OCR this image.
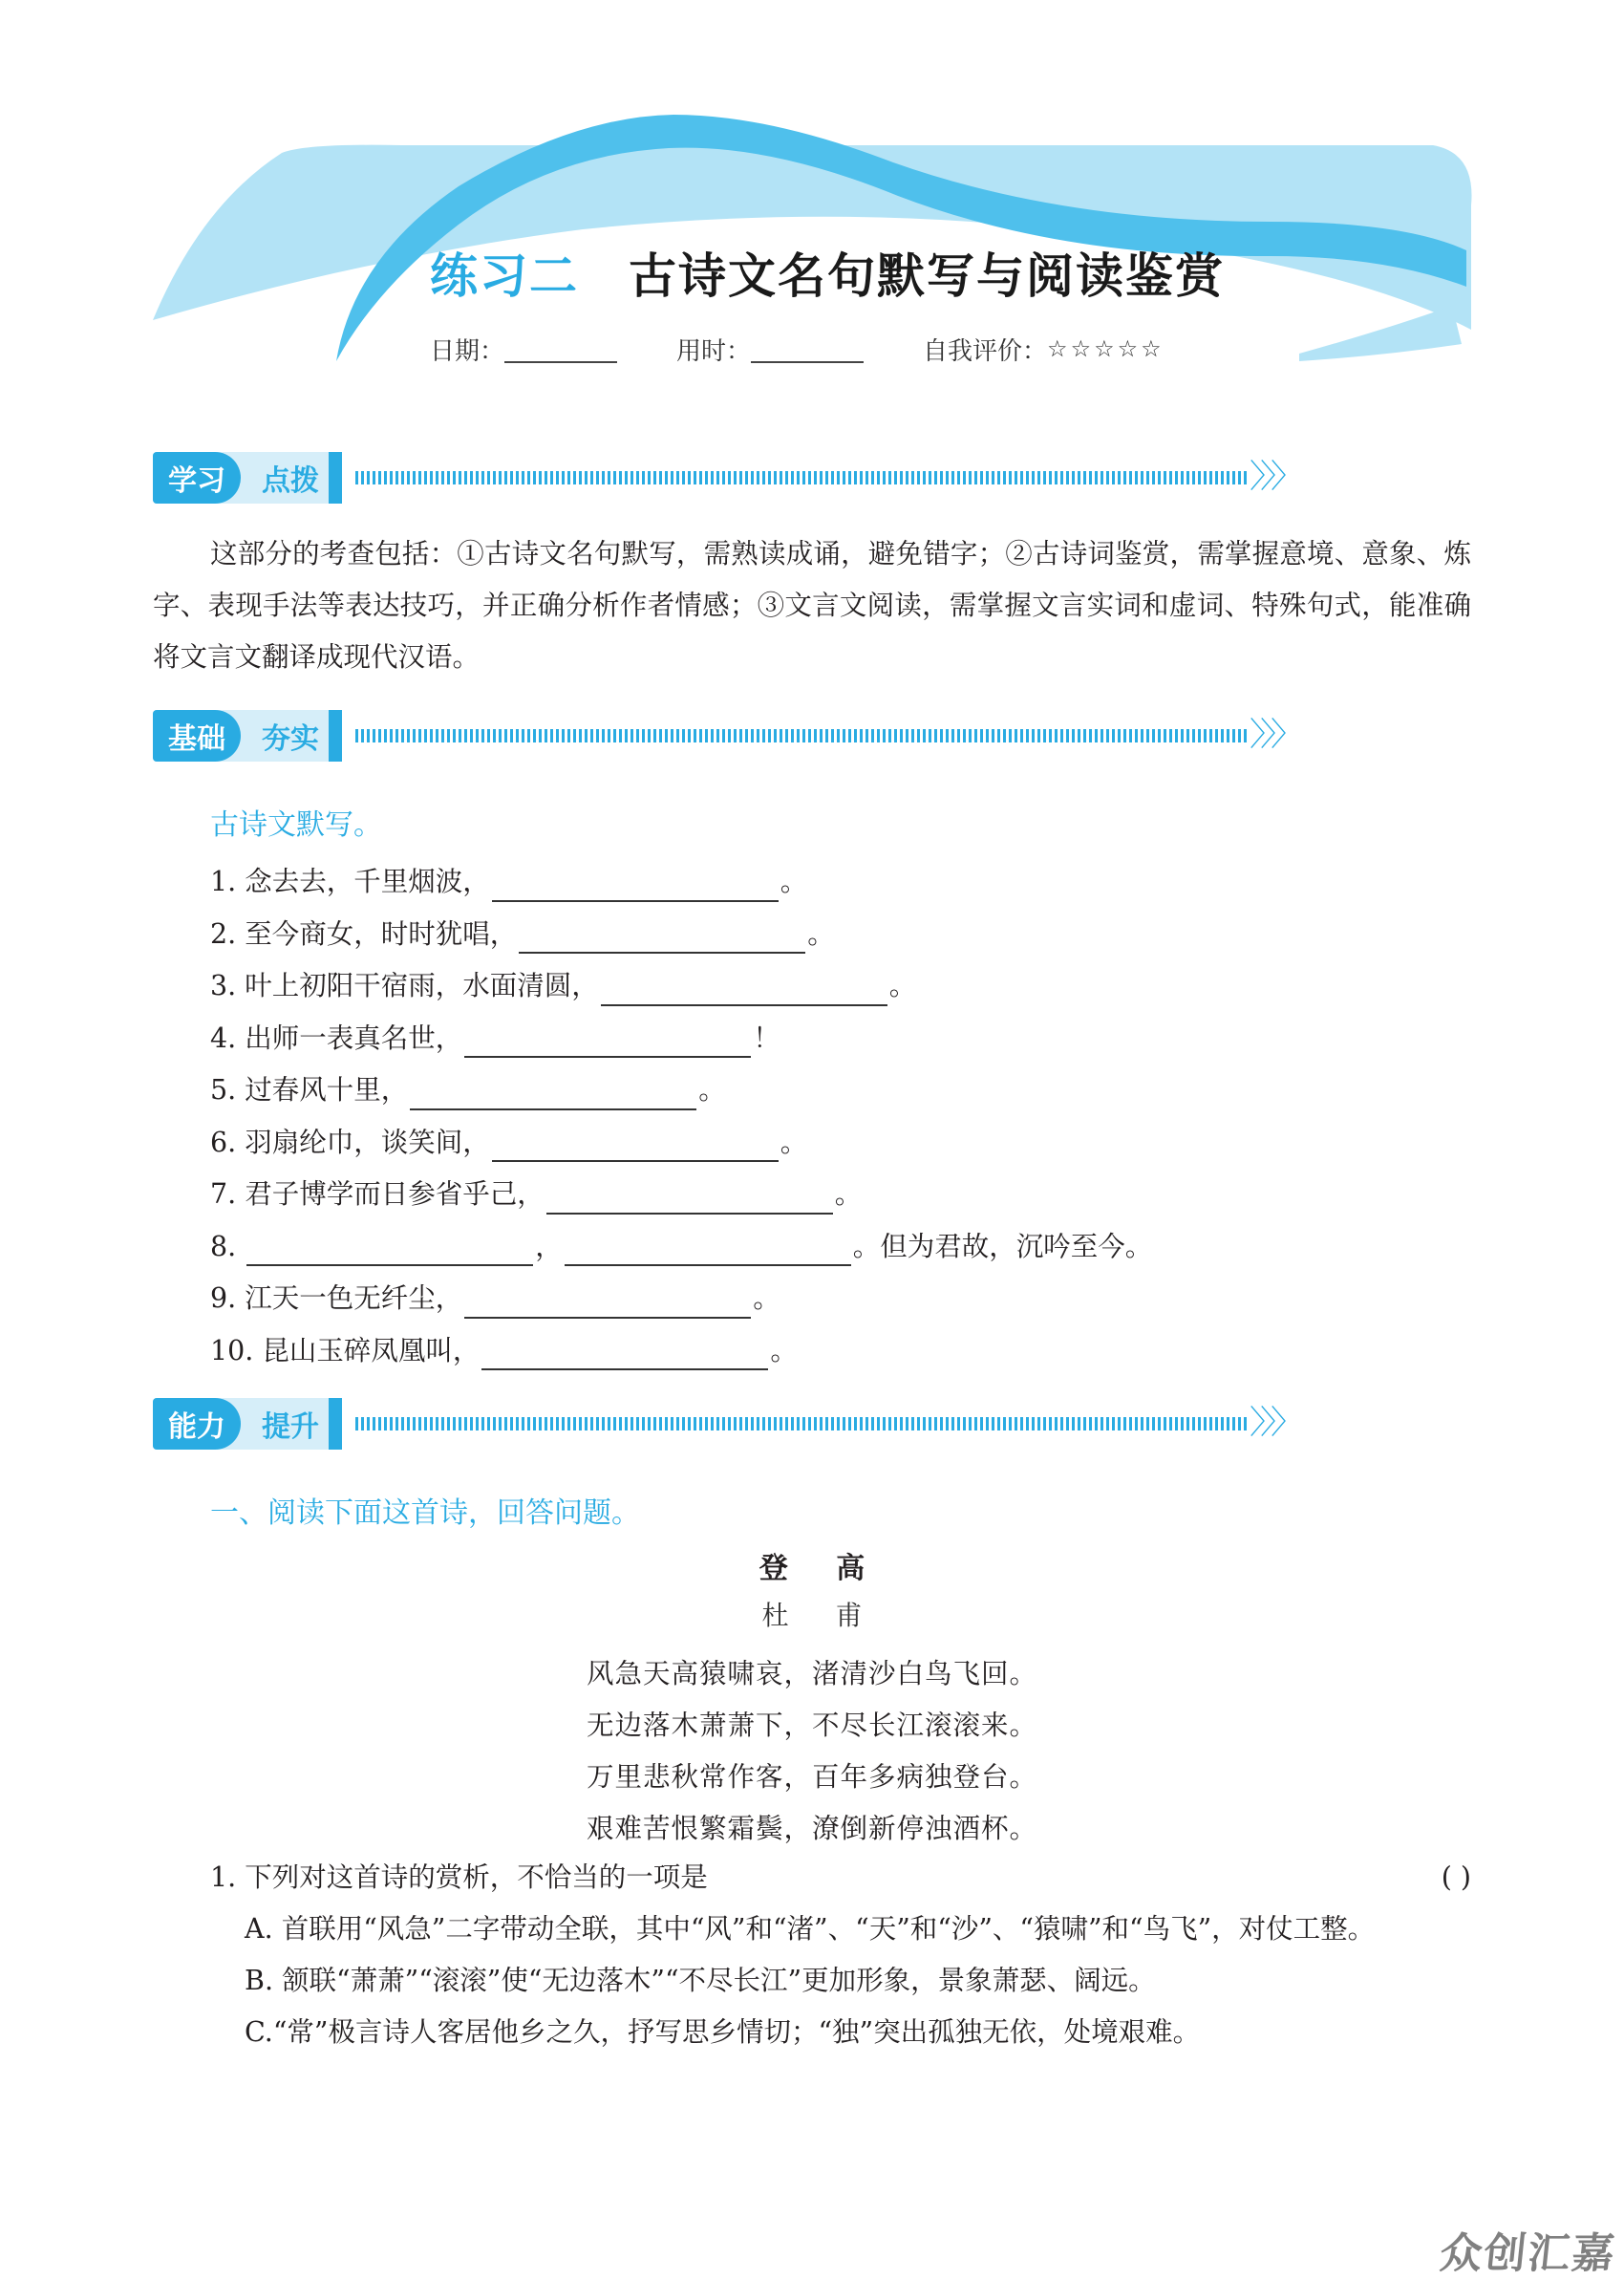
练习二 古诗文名句默写与阅读鉴赏
日期：	用时：	自我评价： ☆☆☆☆☆
学习	点拨	〉〉〉

这部分的考查包括：①古诗文名句默写，需熟读成诵，避免错字；②古诗词鉴赏，需掌握意境、意象、炼字、表现手法等表达技巧，并正确分析作者情感；③文言文阅读，需掌握文言实词和虚词、特殊句式，能准确将文言文翻译成现代汉语。

基础	夯实	〉〉〉
古诗文默写。
1. 念去去，千里烟波，	。
2. 至今商女，时时犹唱，	。
3. 叶上初阳干宿雨，水面清圆，	。
4. 出师一表真名世，	！
5. 过春风十里，	。
6. 羽扇纶巾，谈笑间，	。
7. 君子博学而日参省乎己，	。
8.	，	。但为君故，沉吟至今。
9. 江天一色无纤尘，	。
10. 昆山玉碎凤凰叫，	。
能力	提升	〉〉〉
一、阅读下面这首诗，回答问题。
登 高
杜 甫
风急天高猿啸哀，渚清沙白鸟飞回。
无边落木萧萧下，不尽长江滚滚来。
万里悲秋常作客，百年多病独登台。
艰难苦恨繁霜鬓，潦倒新停浊酒杯。
1. 下列对这首诗的赏析，不恰当的一项是	( )
A. 首联用“风急”二字带动全联，其中“风”和“渚”、“天”和“沙”、“猿啸”和“鸟飞”，对仗工整。
B. 颔联“萧萧”“滚滚”使“无边落木”“不尽长江”更加形象，景象萧瑟、阔远。
C.“常”极言诗人客居他乡之久，抒写思乡情切；“独”突出孤独无依，处境艰难。
众创汇嘉
